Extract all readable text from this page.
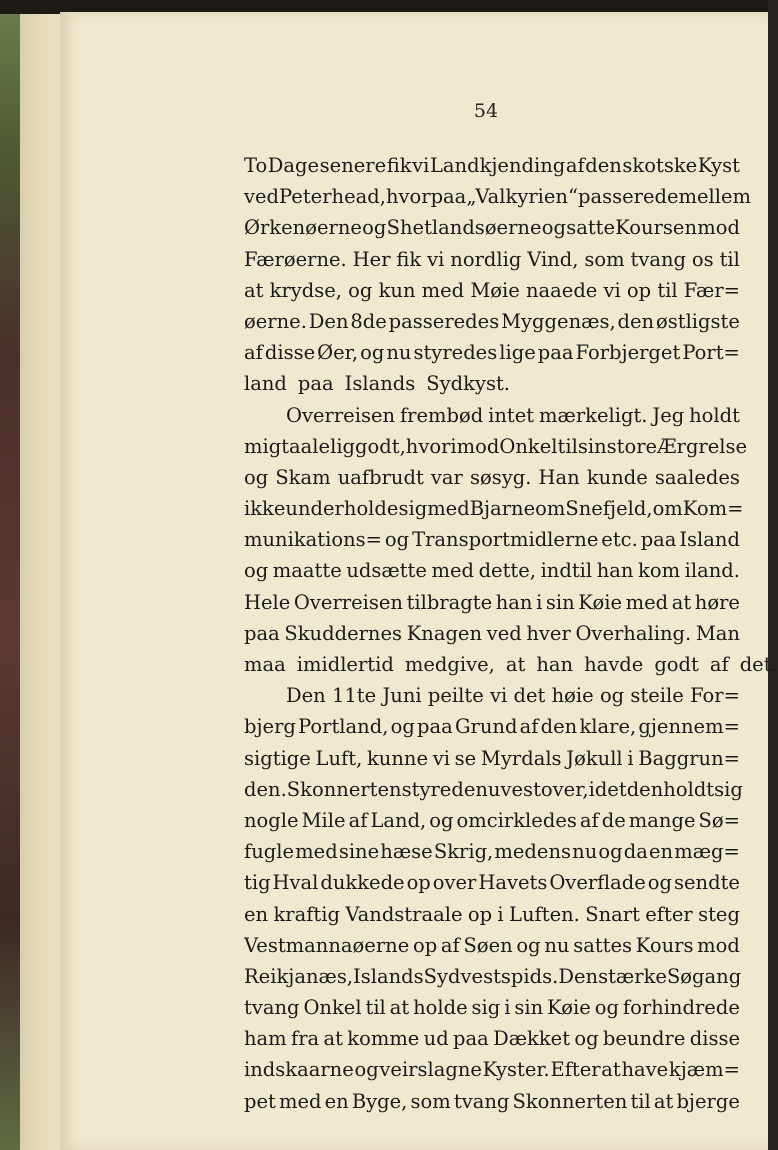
54
To Dage senere fik vi Landkjending af den skotske Kyst
ved Peterhead, hvorpaa „Valkyrien“ passerede mellem
Ørkenøerne og Shetlandsøerne og satte Koursen mod
Færøerne. Her fik vi nordlig Vind, som tvang os til
at krydse, og kun med Møie naaede vi op til Fær=
øerne. Den 8de passeredes Myggenæs, den østligste
af disse Øer, og nu styredes lige paa Forbjerget Port=
land paa Islands Sydkyst.
Overreisen frembød intet mærkeligt. Jeg holdt
mig taalelig godt, hvorimod Onkel til sin store Ærgrelse
og Skam uafbrudt var søsyg. Han kunde saaledes
ikke underholde sig med Bjarne om Snefjeld, om Kom=
munikations= og Transportmidlerne etc. paa Island
og maatte udsætte med dette, indtil han kom iland.
Hele Overreisen tilbragte han i sin Køie med at høre
paa Skuddernes Knagen ved hver Overhaling. Man
maa imidlertid medgive, at han havde godt af det.
Den 11te Juni peilte vi det høie og steile For=
bjerg Portland, og paa Grund af den klare, gjennem=
sigtige Luft, kunne vi se Myrdals Jøkull i Baggrun=
den. Skonnerten styrede nu vestover, idet den holdt sig
nogle Mile af Land, og omcirkledes af de mange Sø=
fugle med sine hæse Skrig, medens nu og da en mæg=
tig Hval dukkede op over Havets Overflade og sendte
en kraftig Vandstraale op i Luften. Snart efter steg
Vestmannaøerne op af Søen og nu sattes Kours mod
Reikjanæs, Islands Sydvestspids. Den stærke Søgang
tvang Onkel til at holde sig i sin Køie og forhindrede
ham fra at komme ud paa Dækket og beundre disse
indskaarne og veirslagne Kyster. Efter at have kjæm=
pet med en Byge, som tvang Skonnerten til at bjerge
